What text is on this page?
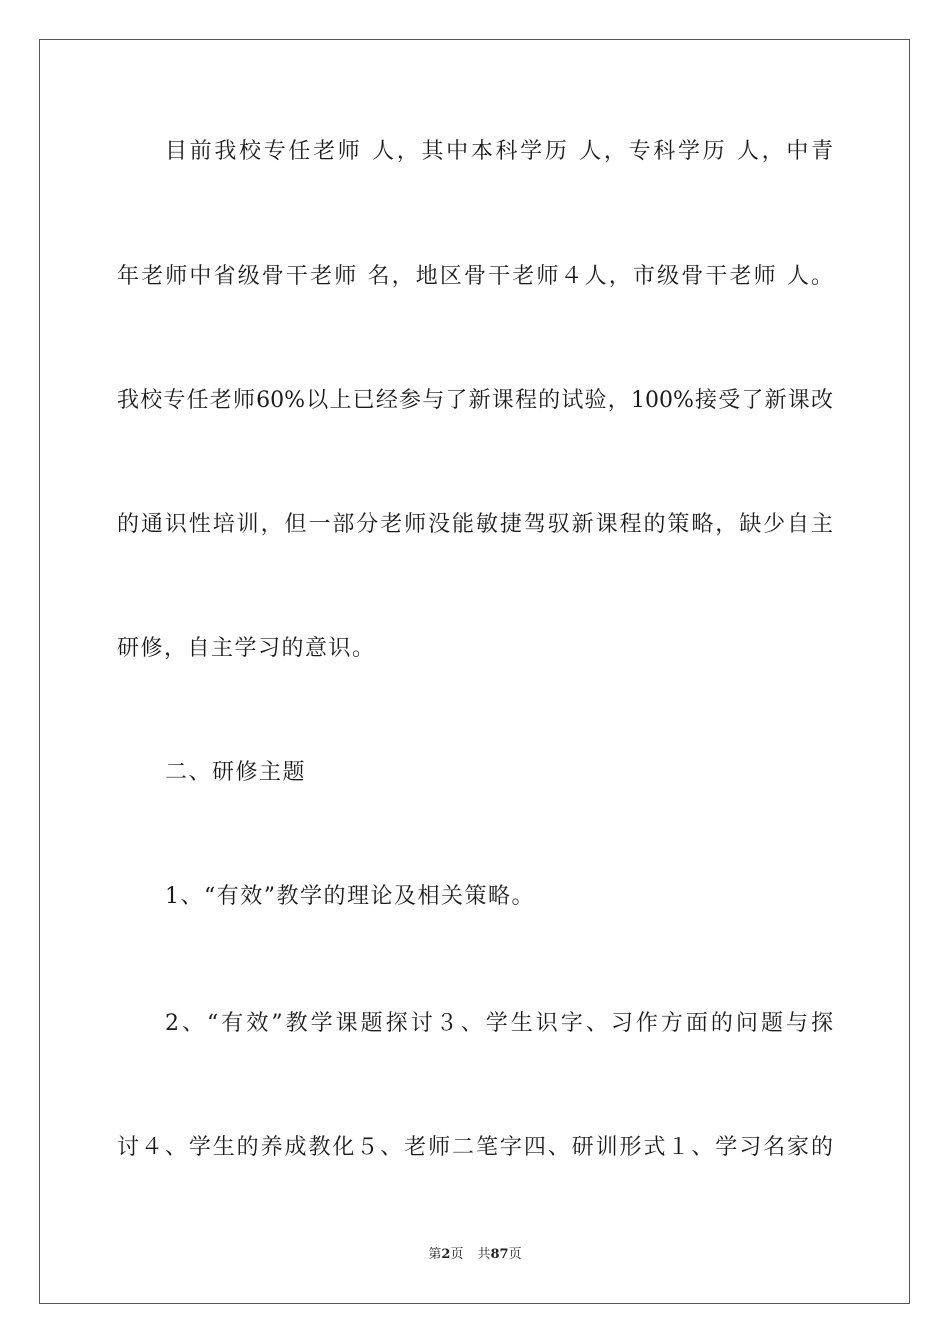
目前我校专任老师 人，其中本科学历 人，专科学历 人，中青
年老师中省级骨干老师 名，地区骨干老师４人，市级骨干老师 人。
我校专任老师60%以上已经参与了新课程的试验，100%接受了新课改
的通识性培训，但一部分老师没能敏捷驾驭新课程的策略，缺少自主
研修，自主学习的意识。
二、研修主题
1、“有效”教学的理论及相关策略。
2、“有效”教学课题探讨３、学生识字、习作方面的问题与探
讨４、学生的养成教化５、老师二笔字四、研训形式１、学习名家的
第2页 共87页
